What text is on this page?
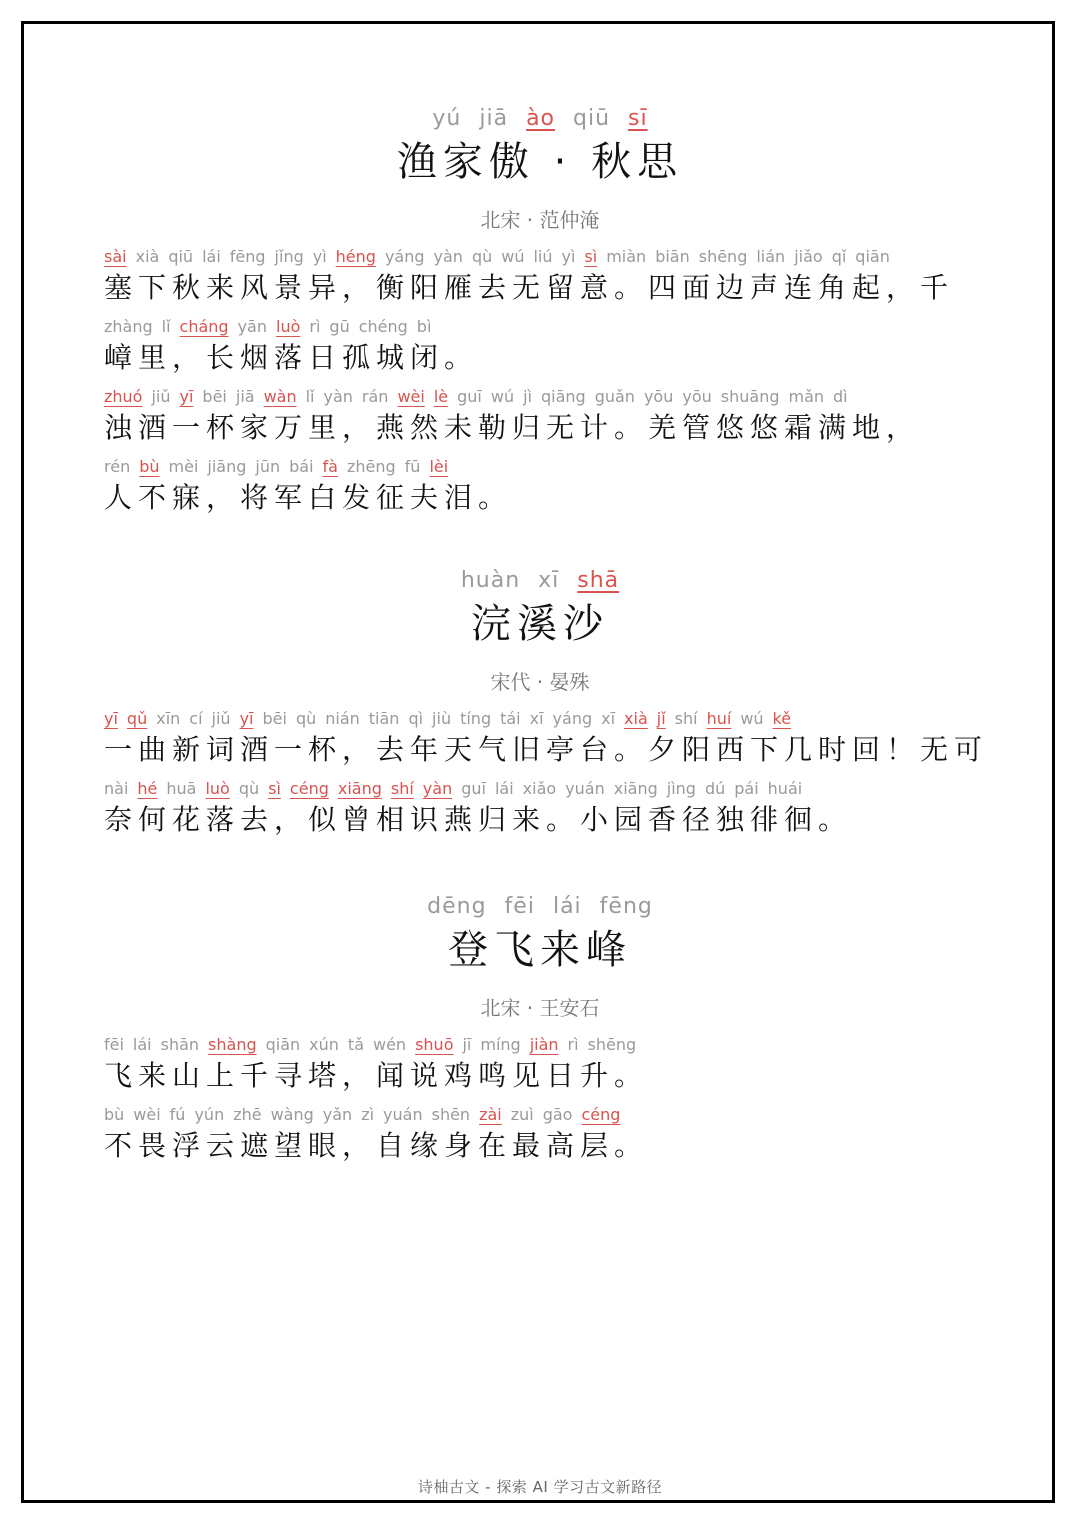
yú jiā ào qiū sī
渔家傲 · 秋思
北宋 · 范仲淹
sài xià qiū lái fēng jǐng yì héng yáng yàn qù wú liú yì sì miàn biān shēng lián jiǎo qǐ qiān
塞下秋来风景异，衡阳雁去无留意。四面边声连角起，千
zhàng lǐ cháng yān luò rì gū chéng bì
嶂里，长烟落日孤城闭。
zhuó jiǔ yī bēi jiā wàn lǐ yàn rán wèi lè guī wú jì qiāng guǎn yōu yōu shuāng mǎn dì
浊酒一杯家万里，燕然未勒归无计。羌管悠悠霜满地，
rén bù mèi jiāng jūn bái fà zhēng fū lèi
人不寐，将军白发征夫泪。
huàn xī shā
浣溪沙
宋代 · 晏殊
yī qǔ xīn cí jiǔ yī bēi qù nián tiān qì jiù tíng tái xī yáng xī xià jǐ shí huí wú kě
一曲新词酒一杯，去年天气旧亭台。夕阳西下几时回！无可
nài hé huā luò qù sì céng xiāng shí yàn guī lái xiǎo yuán xiāng jìng dú pái huái
奈何花落去，似曾相识燕归来。小园香径独徘徊。
dēng fēi lái fēng
登飞来峰
北宋 · 王安石
fēi lái shān shàng qiān xún tǎ wén shuō jī míng jiàn rì shēng
飞来山上千寻塔，闻说鸡鸣见日升。
bù wèi fú yún zhē wàng yǎn zì yuán shēn zài zuì gāo céng
不畏浮云遮望眼，自缘身在最高层。
诗柚古文 - 探索 AI 学习古文新路径
